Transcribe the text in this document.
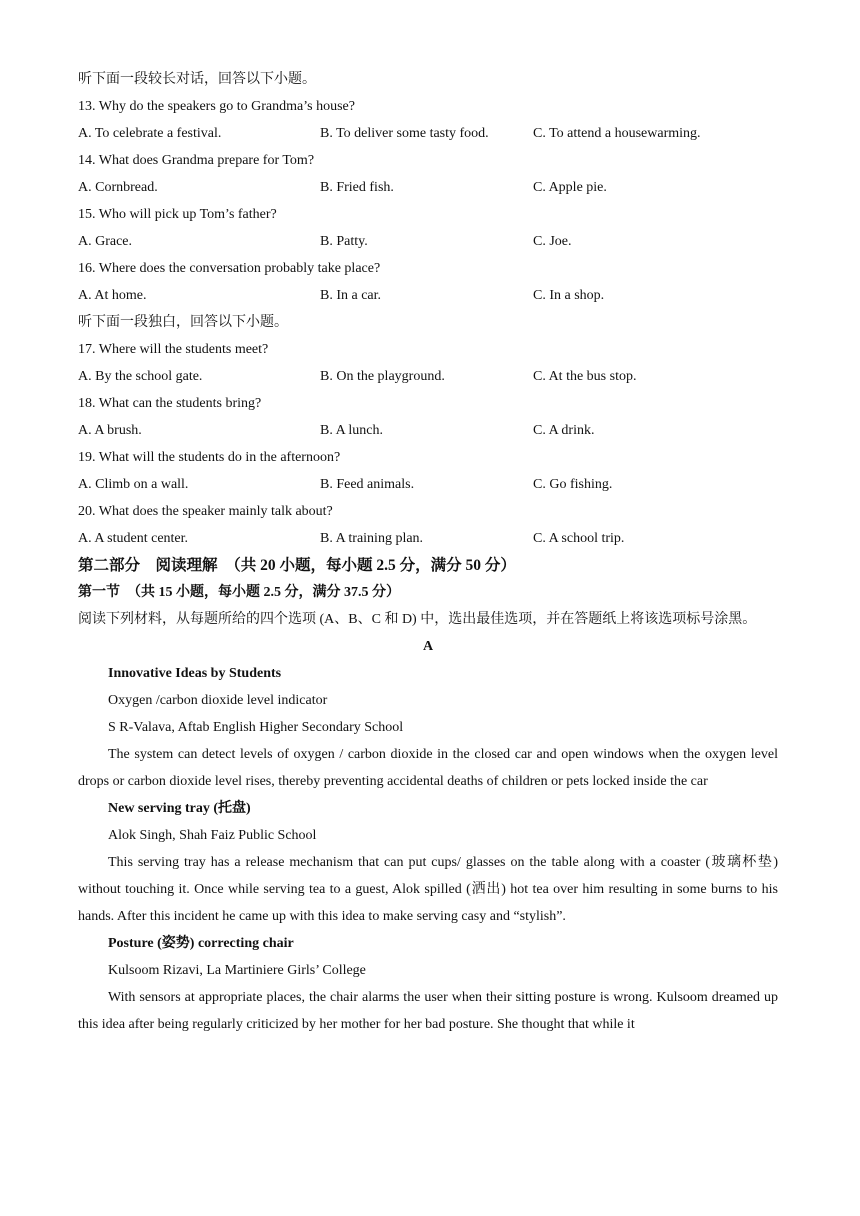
听下面一段较长对话，回答以下小题。
13. Why do the speakers go to Grandma’s house?
A. To celebrate a festival.	B. To deliver some tasty food.	C. To attend a housewarming.
14. What does Grandma prepare for Tom?
A. Cornbread.	B. Fried fish.	C. Apple pie.
15. Who will pick up Tom’s father?
A. Grace.	B. Patty.	C. Joe.
16. Where does the conversation probably take place?
A. At home.	B. In a car.	C. In a shop.
听下面一段独白，回答以下小题。
17. Where will the students meet?
A. By the school gate.	B. On the playground.	C. At the bus stop.
18. What can the students bring?
A. A brush.	B. A lunch.	C. A drink.
19. What will the students do in the afternoon?
A. Climb on a wall.	B. Feed animals.	C. Go fishing.
20. What does the speaker mainly talk about?
A. A student center.	B. A training plan.	C. A school trip.
第二部分　阅读理解　（共 20 小题，每小题 2.5 分，满分 50 分）
第一节　（共 15 小题，每小题 2.5 分，满分 37.5 分）
阅读下列材料，从每题所给的四个选项 (A、B、C 和 D) 中，选出最佳选项，并在答题纸上将该选项标号涂黑。
A
Innovative Ideas by Students
Oxygen /carbon dioxide level indicator
S R-Valava, Aftab English Higher Secondary School
The system can detect levels of oxygen / carbon dioxide in the closed car and open windows when the oxygen level drops or carbon dioxide level rises, thereby preventing accidental deaths of children or pets locked inside the car
New serving tray (托盘)
Alok Singh, Shah Faiz Public School
This serving tray has a release mechanism that can put cups/ glasses on the table along with a coaster (玻璃杯垫) without touching it. Once while serving tea to a guest, Alok spilled (洒出) hot tea over him resulting in some burns to his hands. After this incident he came up with this idea to make serving casy and “stylish”.
Posture (姿势) correcting chair
Kulsoom Rizavi, La Martiniere Girls’ College
With sensors at appropriate places, the chair alarms the user when their sitting posture is wrong. Kulsoom dreamed up this idea after being regularly criticized by her mother for her bad posture. She thought that while it
